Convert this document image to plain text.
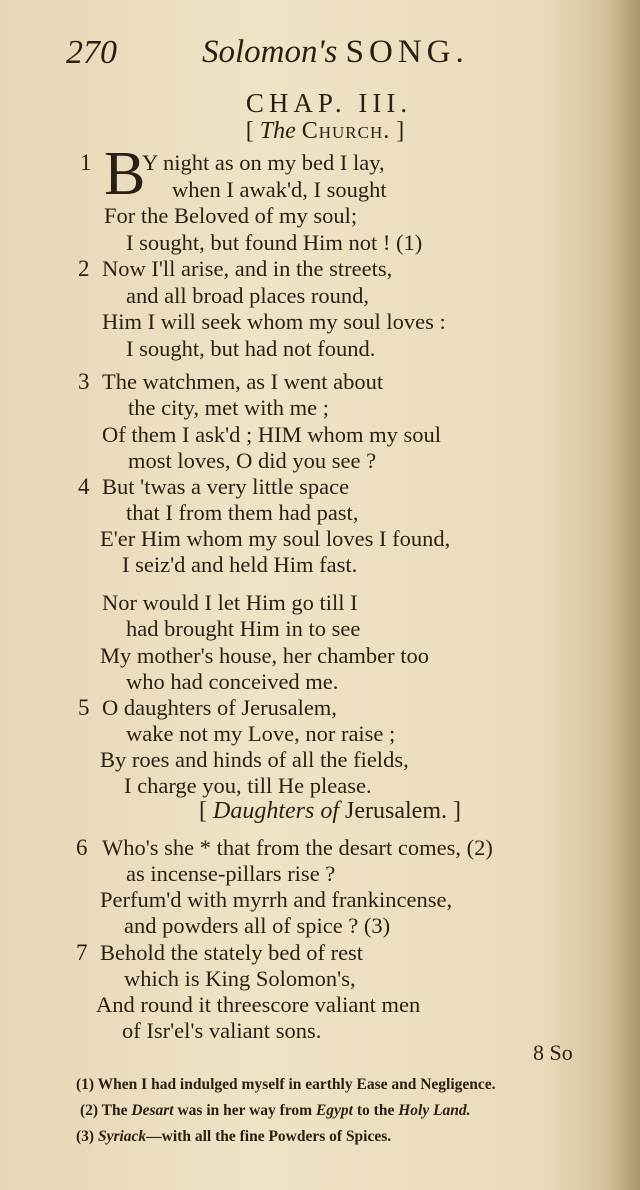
270	Solomon's SONG.
CHAP. III.
[ The Church. ]
1 B
Y night as on my bed I lay,
when I awak'd, I sought
For the Beloved of my soul;
I sought, but found Him not ! (1)
2 Now I'll arise, and in the streets,
and all broad places round,
Him I will seek whom my soul loves :
I sought, but had not found.
3 The watchmen, as I went about
the city, met with me ;
Of them I ask'd ; HIM whom my soul
most loves, O did you see ?
4 But 'twas a very little space
that I from them had past,
E'er Him whom my soul loves I found,
I seiz'd and held Him fast.
Nor would I let Him go till I
had brought Him in to see
My mother's house, her chamber too
who had conceived me.
5 O daughters of Jerusalem,
wake not my Love, nor raise ;
By roes and hinds of all the fields,
I charge you, till He please.
[ Daughters of Jerusalem. ]
6 Who's she * that from the desart comes, (2)
as incense-pillars rise ?
Perfum'd with myrrh and frankincense,
and powders all of spice ? (3)
7 Behold the stately bed of rest
which is King Solomon's,
And round it threescore valiant men
of Isr'el's valiant sons.
8 So
(1) When I had indulged myself in earthly Ease and Negligence.
(2) The Desart was in her way from Egypt to the Holy Land.
(3) Syriack—with all the fine Powders of Spices.
